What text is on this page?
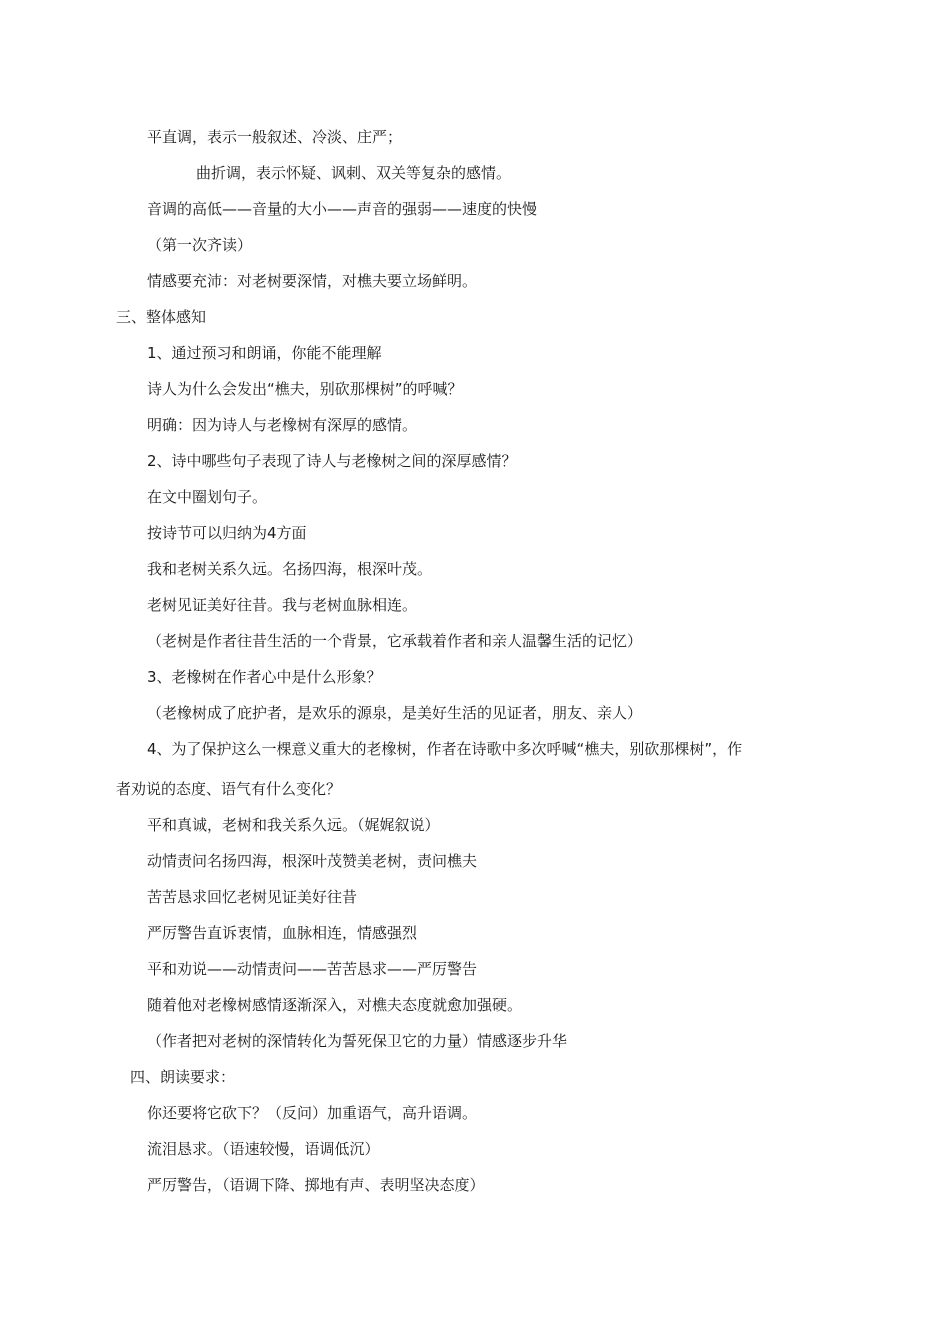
平直调，表示一般叙述、冷淡、庄严；
曲折调，表示怀疑、讽刺、双关等复杂的感情。
音调的高低——音量的大小——声音的强弱——速度的快慢
（第一次齐读）
情感要充沛：对老树要深情，对樵夫要立场鲜明。
三、整体感知
1、通过预习和朗诵，你能不能理解
诗人为什么会发出“樵夫，别砍那棵树”的呼喊？
明确：因为诗人与老橡树有深厚的感情。
2、诗中哪些句子表现了诗人与老橡树之间的深厚感情？
在文中圈划句子。
按诗节可以归纳为4方面
我和老树关系久远。名扬四海，根深叶茂。
老树见证美好往昔。我与老树血脉相连。
（老树是作者往昔生活的一个背景，它承载着作者和亲人温馨生活的记忆）
3、老橡树在作者心中是什么形象？
（老橡树成了庇护者，是欢乐的源泉，是美好生活的见证者，朋友、亲人）
4、为了保护这么一棵意义重大的老橡树，作者在诗歌中多次呼喊“樵夫，别砍那棵树”，作
者劝说的态度、语气有什么变化？
平和真诚，老树和我关系久远。（娓娓叙说）
动情责问名扬四海，根深叶茂赞美老树，责问樵夫
苦苦恳求回忆老树见证美好往昔
严厉警告直诉衷情，血脉相连，情感强烈
平和劝说——动情责问——苦苦恳求——严厉警告
随着他对老橡树感情逐渐深入，对樵夫态度就愈加强硬。
（作者把对老树的深情转化为誓死保卫它的力量）情感逐步升华
四、朗读要求：
你还要将它砍下？（反问）加重语气，高升语调。
流泪恳求。（语速较慢，语调低沉）
严厉警告，（语调下降、掷地有声、表明坚决态度）
